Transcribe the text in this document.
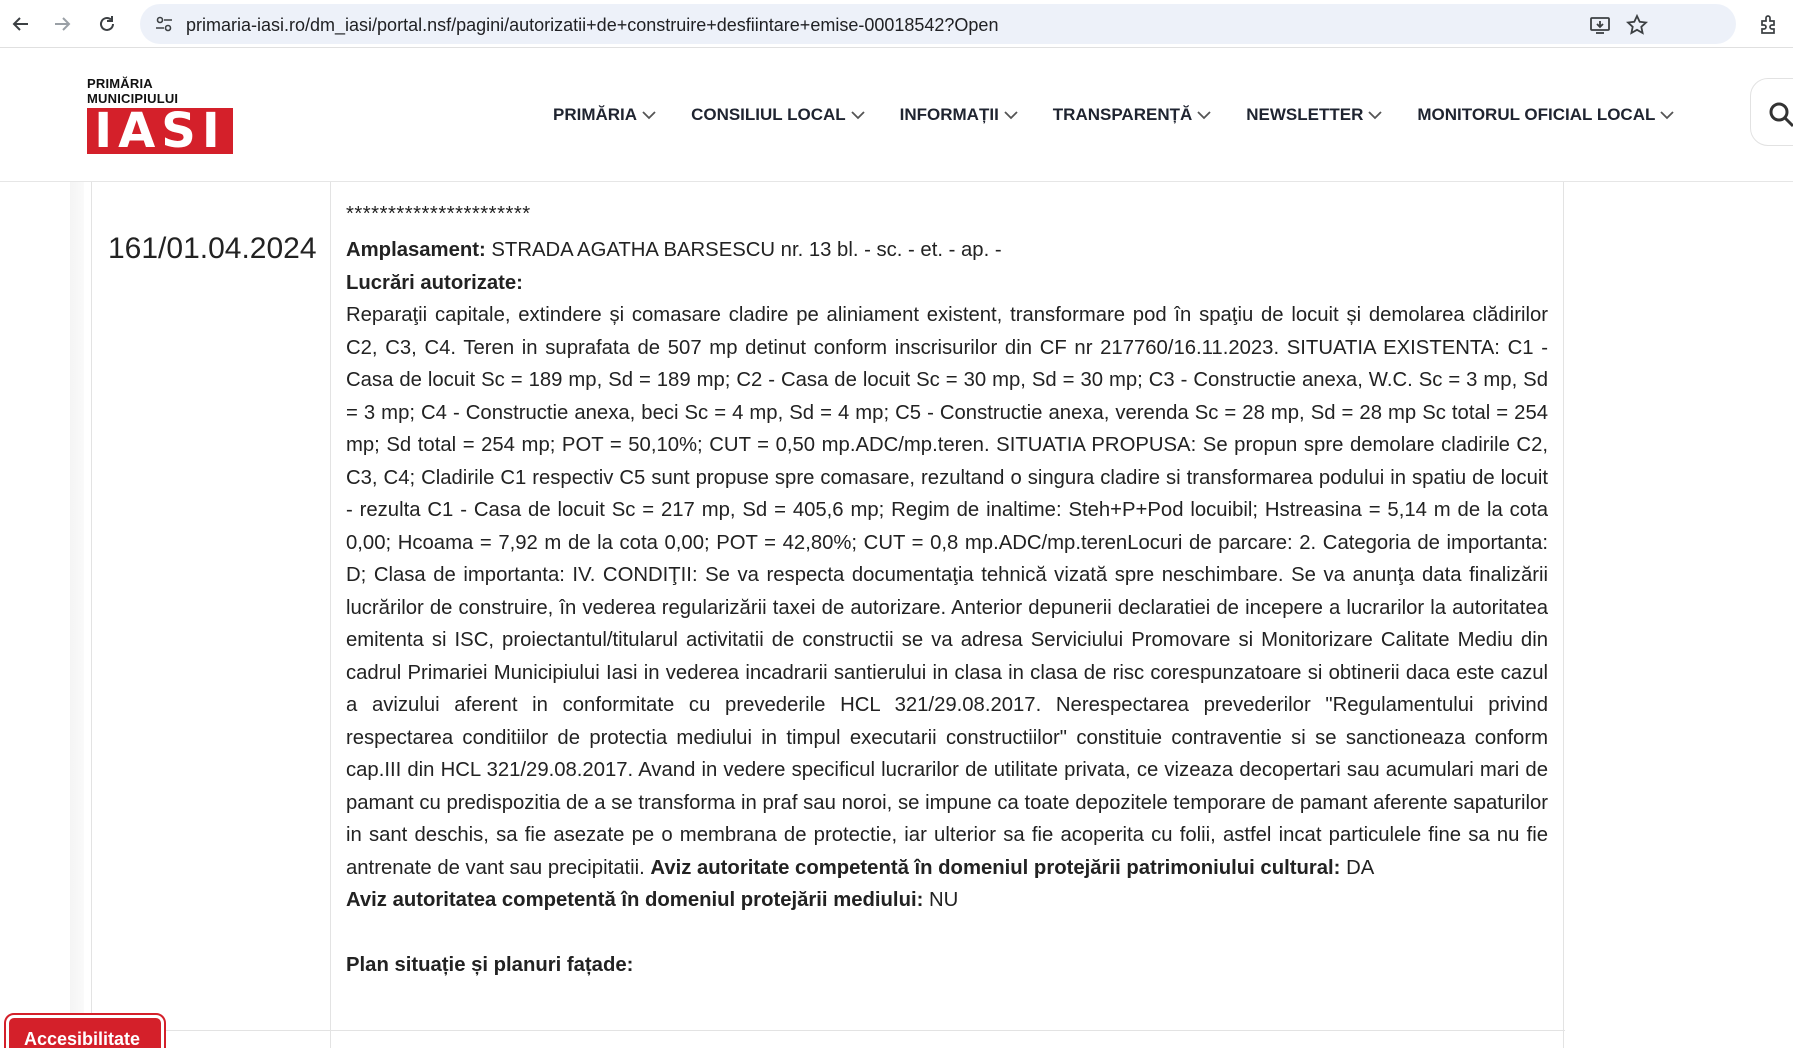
primaria-iasi.ro/dm_iasi/portal.nsf/pagini/autorizatii+de+construire+desfiintare+emise-00018542?Open
PRIMĂRIA
MUNICIPIULUI
IASI	PRIMĂRIA	CONSILIUL LOCAL	INFORMAȚII	TRANSPARENȚĂ	NEWSLETTER	MONITORUL OFICIAL LOCAL
161/01.04.2024
**********************
Amplasament: STRADA AGATHA BARSESCU nr. 13 bl. - sc. - et. - ap. -
Lucrări autorizate:
Reparaţii capitale, extindere și comasare cladire pe aliniament existent, transformare pod în spaţiu de locuit și demolarea clădirilor C2, C3, C4. Teren in suprafata de 507 mp detinut conform inscrisurilor din CF nr 217760/16.11.2023. SITUATIA EXISTENTA: C1 - Casa de locuit Sc = 189 mp, Sd = 189 mp; C2 - Casa de locuit Sc = 30 mp, Sd = 30 mp; C3 - Constructie anexa, W.C. Sc = 3 mp, Sd = 3 mp; C4 - Constructie anexa, beci Sc = 4 mp, Sd = 4 mp; C5 - Constructie anexa, verenda Sc = 28 mp, Sd = 28 mp Sc total = 254 mp; Sd total = 254 mp; POT = 50,10%; CUT = 0,50 mp.ADC/mp.teren. SITUATIA PROPUSA: Se propun spre demolare cladirile C2, C3, C4; Cladirile C1 respectiv C5 sunt propuse spre comasare, rezultand o singura cladire si transformarea podului in spatiu de locuit - rezulta C1 - Casa de locuit Sc = 217 mp, Sd = 405,6 mp; Regim de inaltime: Steh+P+Pod locuibil; Hstreasina = 5,14 m de la cota 0,00; Hcoama = 7,92 m de la cota 0,00; POT = 42,80%; CUT = 0,8 mp.ADC/mp.terenLocuri de parcare: 2. Categoria de importanta: D; Clasa de importanta: IV. CONDIŢII: Se va respecta documentaţia tehnică vizată spre neschimbare. Se va anunţa data finalizării lucrărilor de construire, în vederea regularizării taxei de autorizare. Anterior depunerii declaratiei de incepere a lucrarilor la autoritatea emitenta si ISC, proiectantul/titularul activitatii de constructii se va adresa Serviciului Promovare si Monitorizare Calitate Mediu din cadrul Primariei Municipiului Iasi in vederea incadrarii santierului in clasa in clasa de risc corespunzatoare si obtinerii daca este cazul a avizului aferent in conformitate cu prevederile HCL 321/29.08.2017. Nerespectarea prevederilor "Regulamentului privind respectarea conditiilor de protectia mediului in timpul executarii constructiilor" constituie contraventie si se sanctioneaza conform cap.III din HCL 321/29.08.2017. Avand in vedere specificul lucrarilor de utilitate privata, ce vizeaza decopertari sau acumulari mari de pamant cu predispozitia de a se transforma in praf sau noroi, se impune ca toate depozitele temporare de pamant aferente sapaturilor in sant deschis, sa fie asezate pe o membrana de protectie, iar ulterior sa fie acoperita cu folii, astfel incat particulele fine sa nu fie antrenate de vant sau precipitatii. Aviz autoritate competentă în domeniul protejării patrimoniului cultural: DA
Aviz autoritatea competentă în domeniul protejării mediului: NU
Plan situație și planuri fațade:
Accesibilitate
